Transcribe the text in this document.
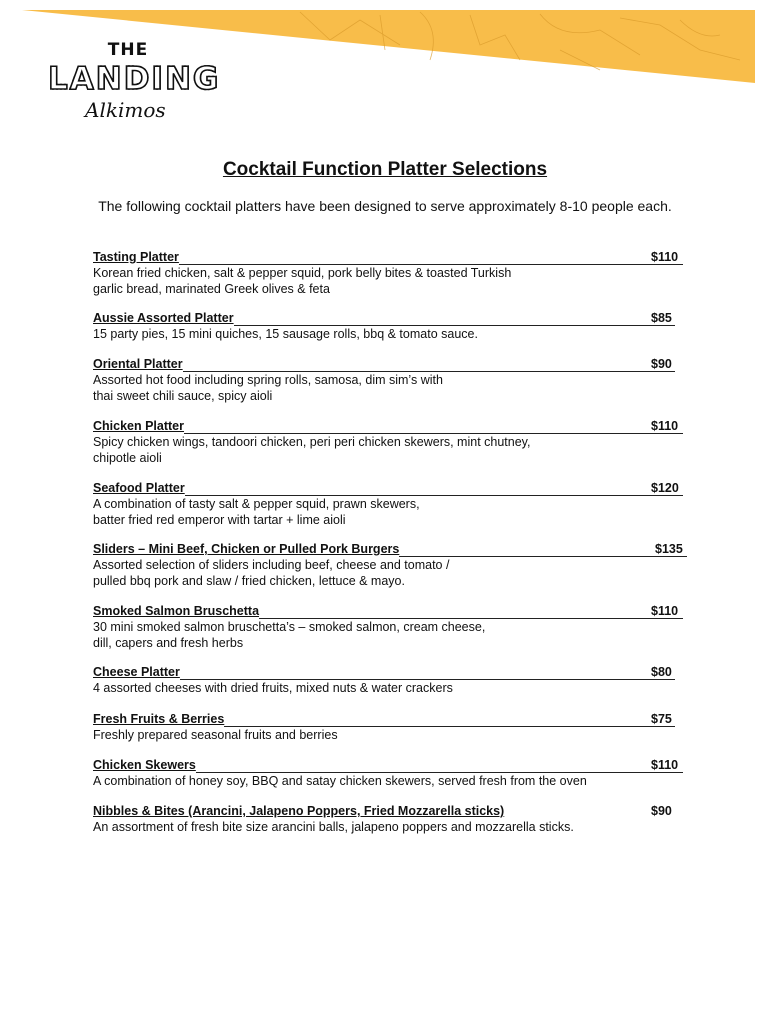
THE
LANDING
Alkimos
Cocktail Function Platter Selections
The following cocktail platters have been designed to serve approximately 8-10 people each.
Tasting Platter	$110
Korean fried chicken, salt & pepper squid, pork belly bites & toasted Turkish
garlic bread, marinated Greek olives & feta
Aussie Assorted Platter	$85
15 party pies, 15 mini quiches, 15 sausage rolls, bbq & tomato sauce.
Oriental Platter	$90
Assorted hot food including spring rolls, samosa, dim sim’s with
thai sweet chili sauce, spicy aioli
Chicken Platter	$110
Spicy chicken wings, tandoori chicken, peri peri chicken skewers, mint chutney,
chipotle aioli
Seafood Platter	$120
A combination of tasty salt & pepper squid, prawn skewers,
batter fried red emperor with tartar + lime aioli
Sliders – Mini Beef, Chicken or Pulled Pork Burgers	$135
Assorted selection of sliders including beef, cheese and tomato /
pulled bbq pork and slaw / fried chicken, lettuce & mayo.
Smoked Salmon Bruschetta	$110
30 mini smoked salmon bruschetta’s – smoked salmon, cream cheese,
dill, capers and fresh herbs
Cheese Platter	$80
4 assorted cheeses with dried fruits, mixed nuts & water crackers
Fresh Fruits & Berries	$75
Freshly prepared seasonal fruits and berries
Chicken Skewers	$110
A combination of honey soy, BBQ and satay chicken skewers, served fresh from the oven
Nibbles & Bites (Arancini, Jalapeno Poppers, Fried Mozzarella sticks)	$90
An assortment of fresh bite size arancini balls, jalapeno poppers and mozzarella sticks.
